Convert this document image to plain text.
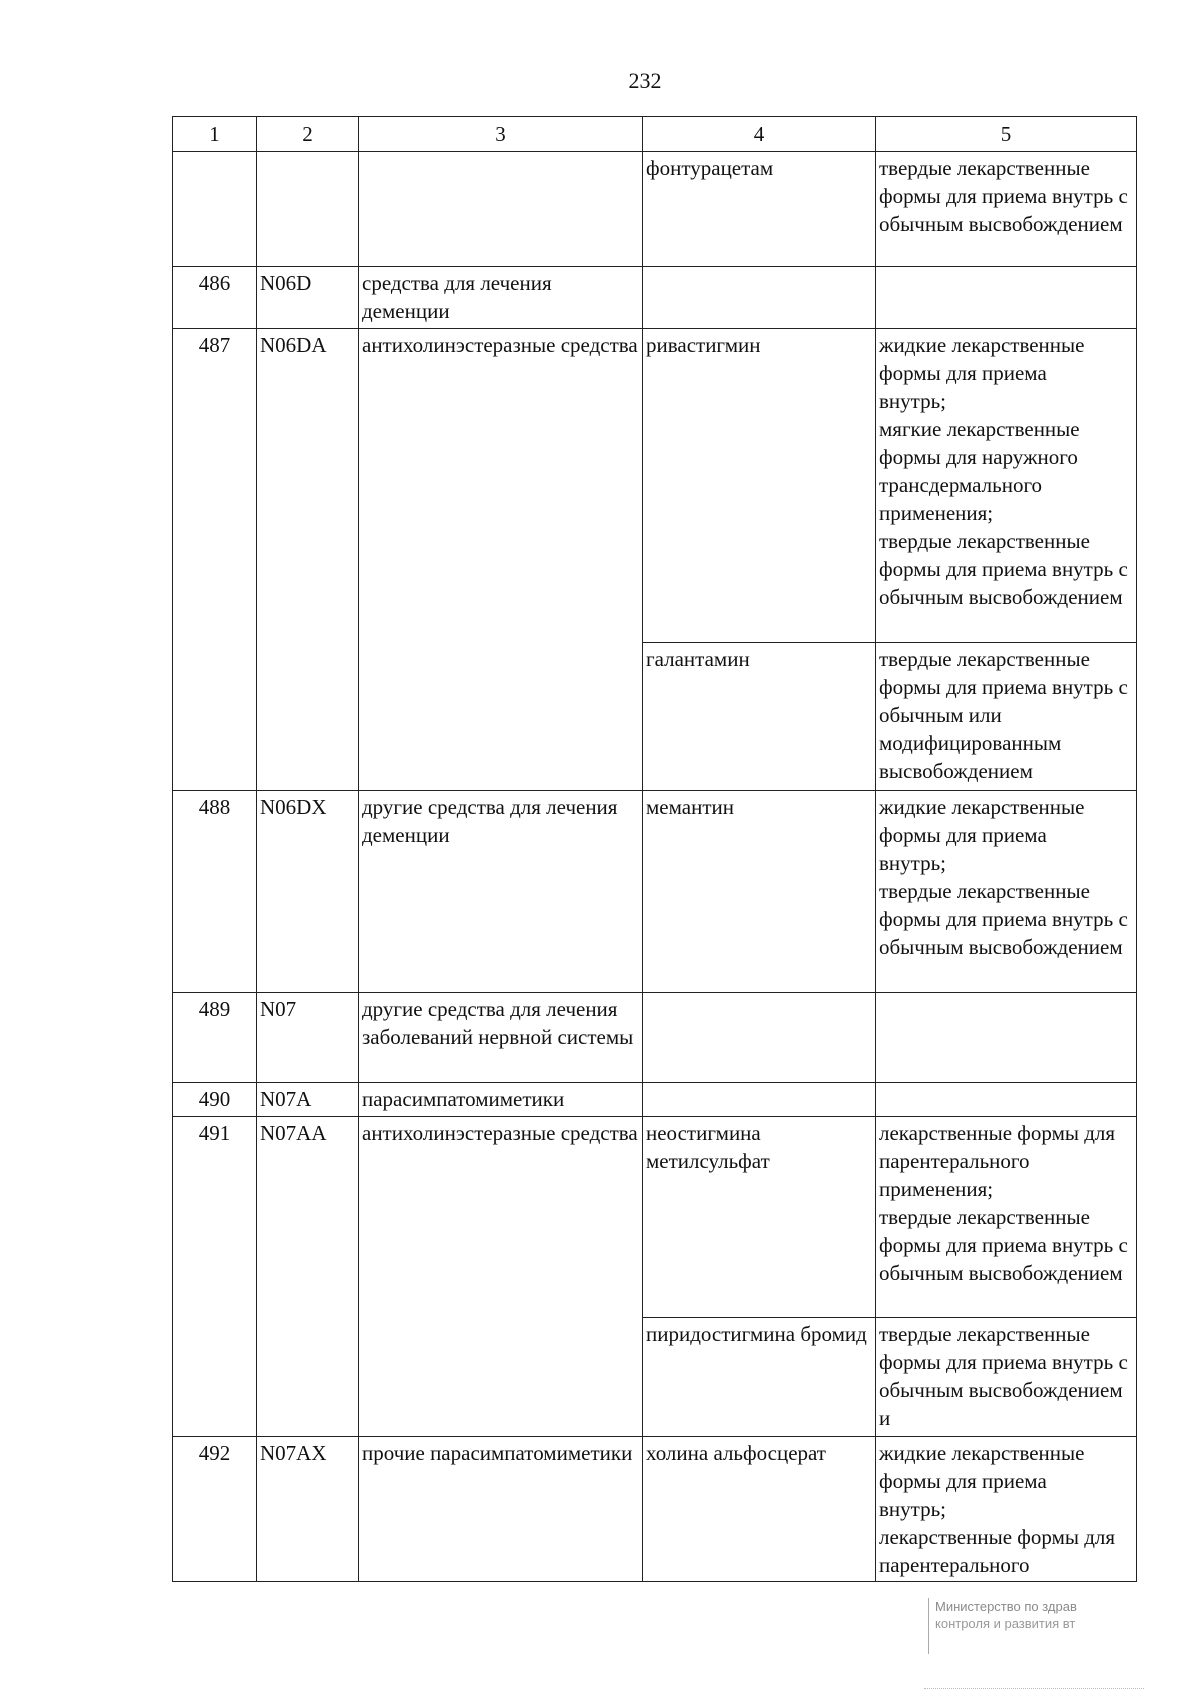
232
1	2	3	4	5
			фонтурацетам	твердые лекарственные формы для приема внутрь с обычным высвобождением
486	N06D	средства для лечения деменции		
487	N06DA	антихолинэстеразные средства	ривастигмин	жидкие лекарственные формы для приема
внутрь;
мягкие лекарственные формы для наружного трансдермального применения;
твердые лекарственные формы для приема внутрь с обычным высвобождением
			галантамин	твердые лекарственные формы для приема внутрь с обычным или модифицированным высвобождением
488	N06DX	другие средства для лечения деменции	мемантин	жидкие лекарственные формы для приема
внутрь;
твердые лекарственные формы для приема внутрь с обычным высвобождением
489	N07	другие средства для лечения заболеваний нервной системы		
490	N07A	парасимпатомиметики		
491	N07AA	антихолинэстеразные средства	неостигмина метилсульфат	лекарственные формы для парентерального применения;
твердые лекарственные формы для приема внутрь с обычным высвобождением
			пиридостигмина бромид	твердые лекарственные формы для приема внутрь с обычным высвобождением и
492	N07AX	прочие парасимпатомиметики	холина альфосцерат	жидкие лекарственные формы для приема
внутрь;
лекарственные формы для парентерального
Министерство по здрав
контроля и развития вт
